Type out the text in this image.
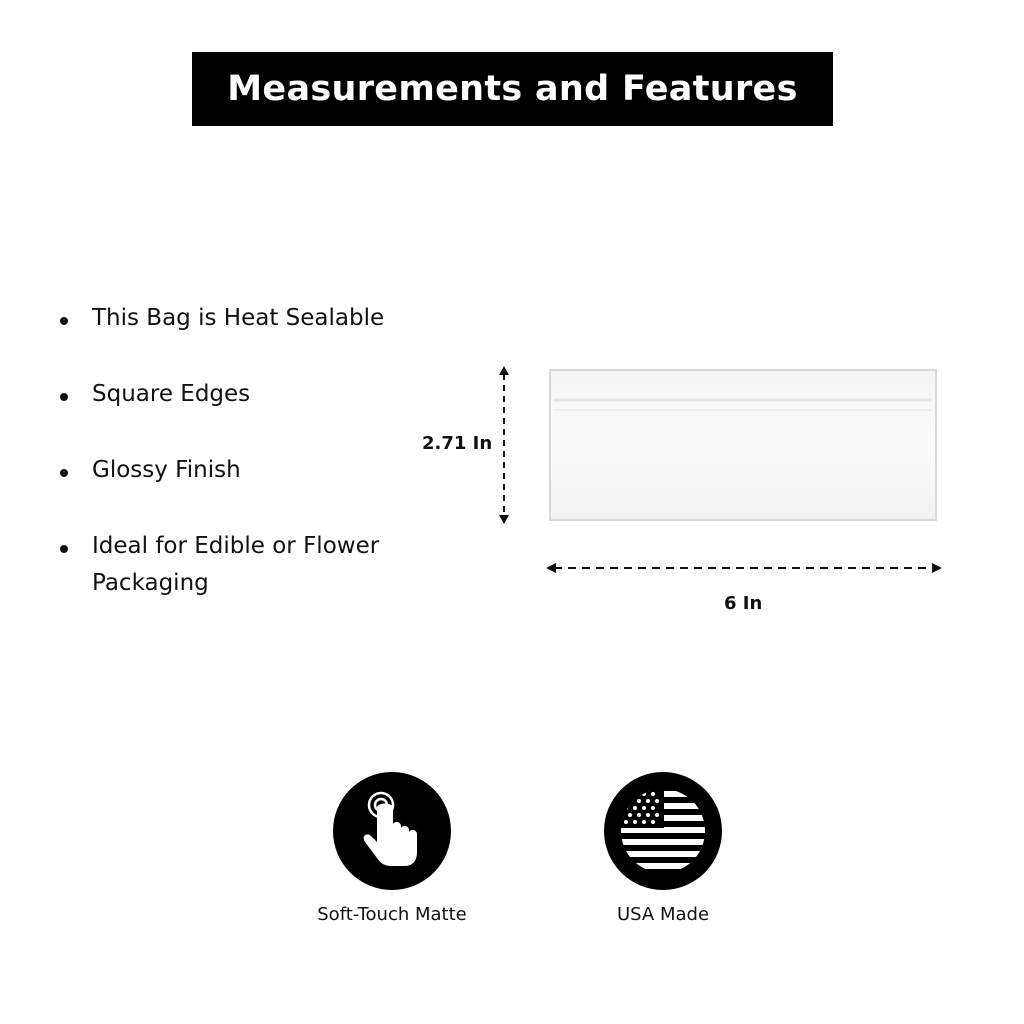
Measurements and Features
This Bag is Heat Sealable
Square Edges
Glossy Finish
Ideal for Edible or Flower Packaging
2.71 In
6 In
Soft-Touch Matte	USA Made
